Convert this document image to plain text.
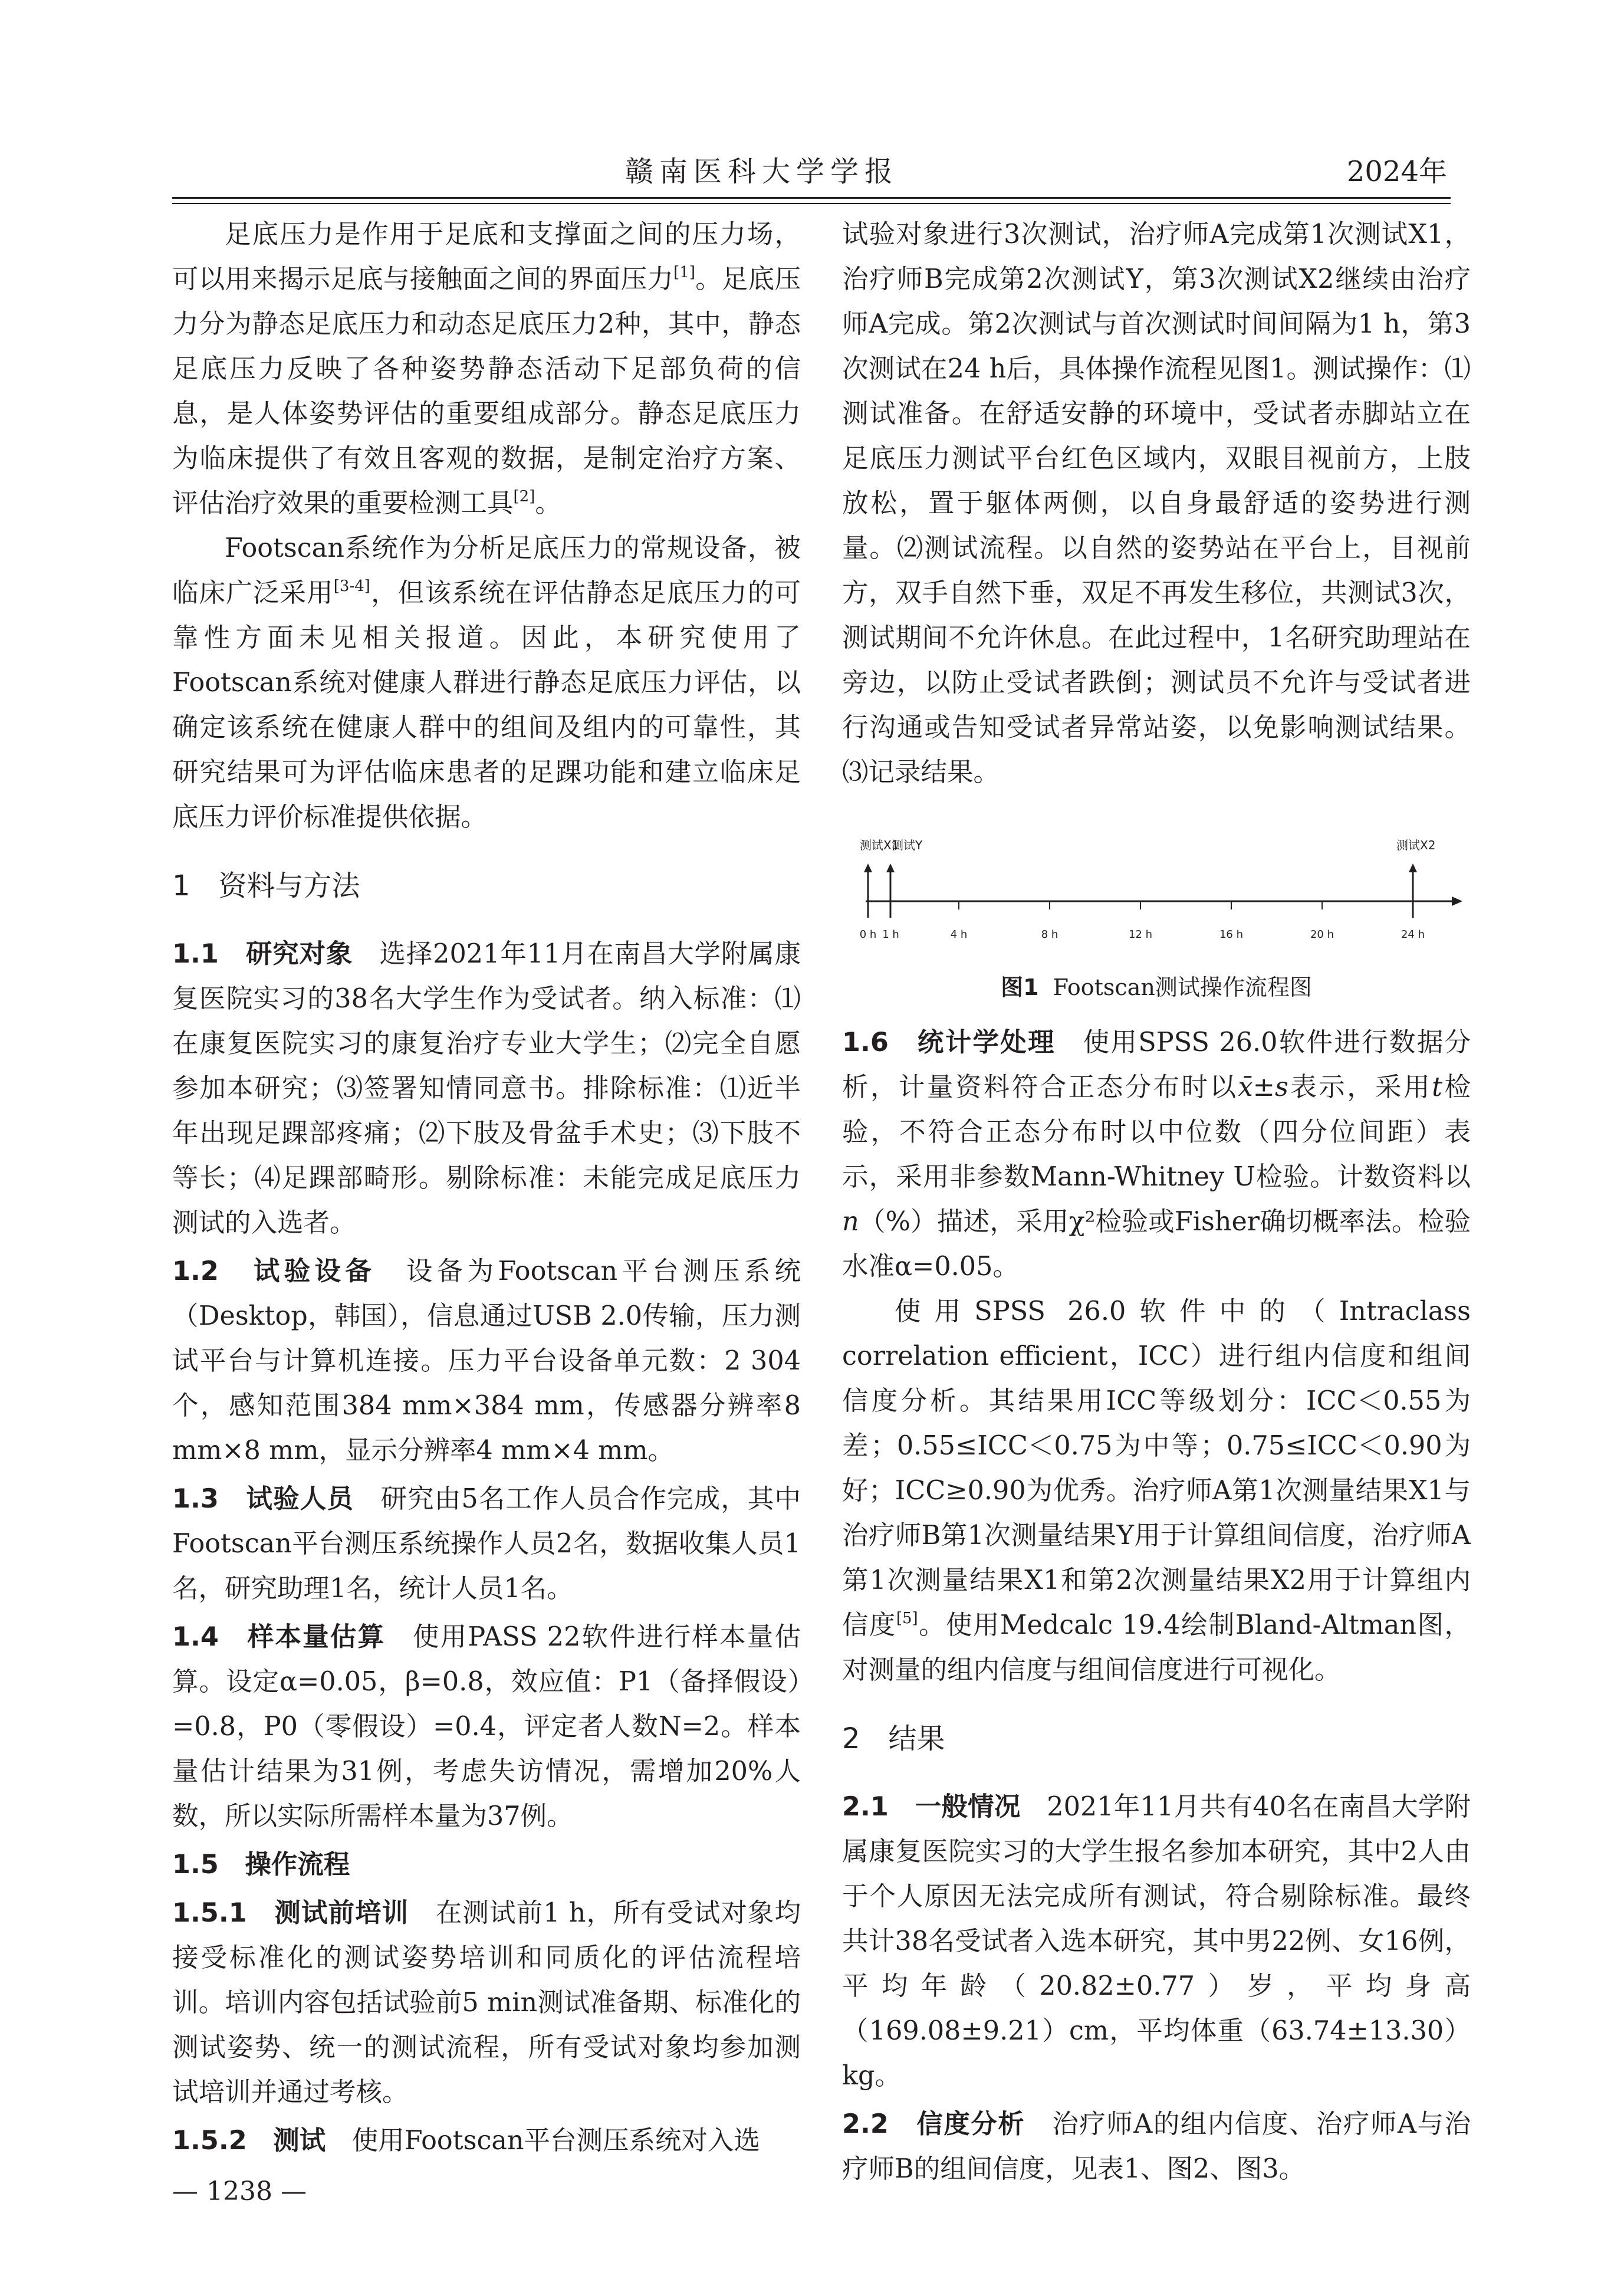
赣南医科大学学报	2024年

足底压力是作用于足底和支撑面之间的压力场，可以用来揭示足底与接触面之间的界面压力[1]。足底压力分为静态足底压力和动态足底压力2种，其中，静态足底压力反映了各种姿势静态活动下足部负荷的信息，是人体姿势评估的重要组成部分。静态足底压力为临床提供了有效且客观的数据，是制定治疗方案、评估治疗效果的重要检测工具[2]。

Footscan系统作为分析足底压力的常规设备，被临床广泛采用[3-4]，但该系统在评估静态足底压力的可靠性方面未见相关报道。因此，本研究使用了Footscan系统对健康人群进行静态足底压力评估，以确定该系统在健康人群中的组间及组内的可靠性，其研究结果可为评估临床患者的足踝功能和建立临床足底压力评价标准提供依据。

1　资料与方法

1.1　研究对象　选择2021年11月在南昌大学附属康复医院实习的38名大学生作为受试者。纳入标准：⑴在康复医院实习的康复治疗专业大学生；⑵完全自愿参加本研究；⑶签署知情同意书。排除标准：⑴近半年出现足踝部疼痛；⑵下肢及骨盆手术史；⑶下肢不等长；⑷足踝部畸形。剔除标准：未能完成足底压力测试的入选者。

1.2　试验设备　设备为Footscan平台测压系统（Desktop，韩国），信息通过USB 2.0传输，压力测试平台与计算机连接。压力平台设备单元数：2 304个，感知范围384 mm×384 mm，传感器分辨率8 mm×8 mm，显示分辨率4 mm×4 mm。

1.3　试验人员　研究由5名工作人员合作完成，其中Footscan平台测压系统操作人员2名，数据收集人员1名，研究助理1名，统计人员1名。

1.4　样本量估算　使用PASS 22软件进行样本量估算。设定α=0.05，β=0.8，效应值：P1（备择假设）=0.8，P0（零假设）=0.4，评定者人数N=2。样本量估计结果为31例，考虑失访情况，需增加20%人数，所以实际所需样本量为37例。

1.5　操作流程

1.5.1　测试前培训　在测试前1 h，所有受试对象均接受标准化的测试姿势培训和同质化的评估流程培训。培训内容包括试验前5 min测试准备期、标准化的测试姿势、统一的测试流程，所有受试对象均参加测试培训并通过考核。

1.5.2　测试　使用Footscan平台测压系统对入选

试验对象进行3次测试，治疗师A完成第1次测试X1，治疗师B完成第2次测试Y，第3次测试X2继续由治疗师A完成。第2次测试与首次测试时间间隔为1 h，第3次测试在24 h后，具体操作流程见图1。测试操作：⑴测试准备。在舒适安静的环境中，受试者赤脚站立在足底压力测试平台红色区域内，双眼目视前方，上肢放松，置于躯体两侧，以自身最舒适的姿势进行测量。⑵测试流程。以自然的姿势站在平台上，目视前方，双手自然下垂，双足不再发生移位，共测试3次，测试期间不允许休息。在此过程中，1名研究助理站在旁边，以防止受试者跌倒；测试员不允许与受试者进行沟通或告知受试者异常站姿，以免影响测试结果。⑶记录结果。

0 h 1 h	4 h	8 h	12 h	16 h	20 h	24 h
测试X1
测试Y	测试X2
图1 Footscan测试操作流程图

1.6　统计学处理　使用SPSS 26.0软件进行数据分析，计量资料符合正态分布时以x̄±s表示，采用t检验，不符合正态分布时以中位数（四分位间距）表示，采用非参数Mann-Whitney U检验。计数资料以n（%）描述，采用χ²检验或Fisher确切概率法。检验水准α=0.05。

使用SPSS 26.0软件中的（Intraclass correlation efficient，ICC）进行组内信度和组间信度分析。其结果用ICC等级划分：ICC＜0.55为差；0.55≤ICC＜0.75为中等；0.75≤ICC＜0.90为好；ICC≥0.90为优秀。治疗师A第1次测量结果X1与治疗师B第1次测量结果Y用于计算组间信度，治疗师A第1次测量结果X1和第2次测量结果X2用于计算组内信度[5]。使用Medcalc 19.4绘制Bland-Altman图，对测量的组内信度与组间信度进行可视化。

2　结果

2.1　一般情况　2021年11月共有40名在南昌大学附属康复医院实习的大学生报名参加本研究，其中2人由于个人原因无法完成所有测试，符合剔除标准。最终共计38名受试者入选本研究，其中男22例、女16例，平均年龄（20.82±0.77）岁，平均身高（169.08±9.21）cm，平均体重（63.74±13.30）kg。

2.2　信度分析　治疗师A的组内信度、治疗师A与治疗师B的组间信度，见表1、图2、图3。

— 1238 —
